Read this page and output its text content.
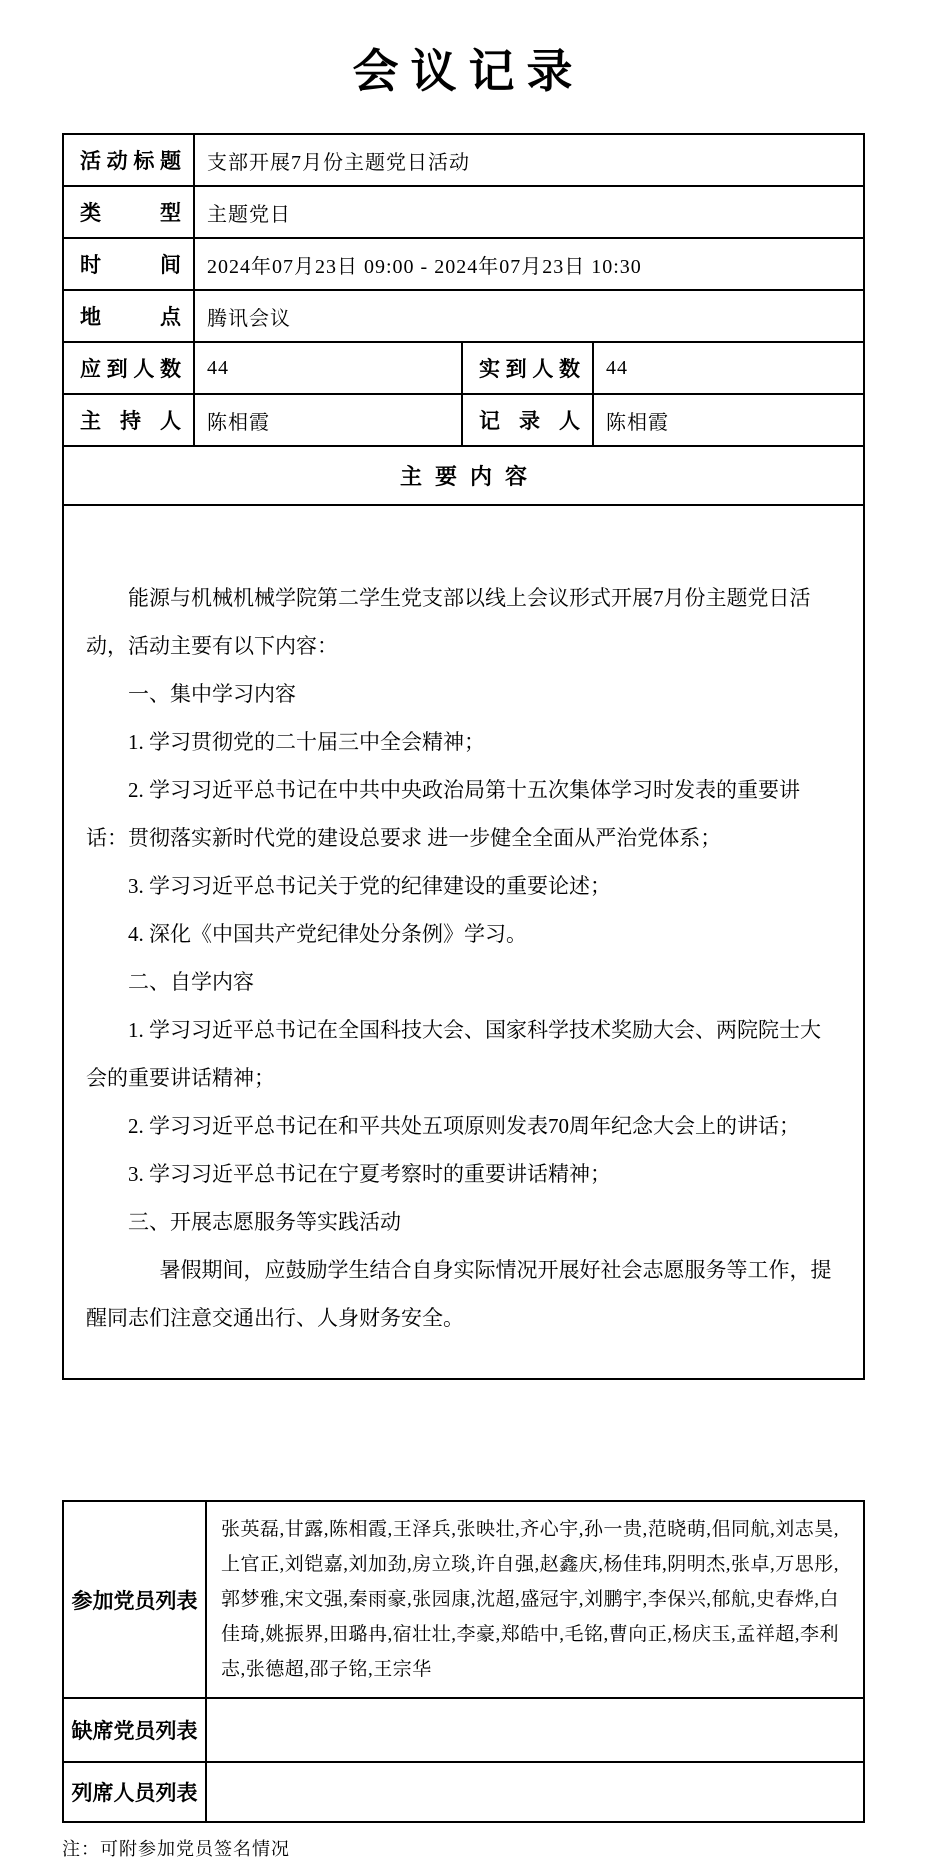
会议记录
活动标题	支部开展7月份主题党日活动		
类型	主题党日		
时间	2024年07月23日 09:00 - 2024年07月23日 10:30		
地点	腾讯会议		
应到人数	44	实到人数	44
主持人	陈相霞	记录人	陈相霞
主要内容			

能源与机械机械学院第二学生党支部以线上会议形式开展7月份主题党日活动，活动主要有以下内容：

一、集中学习内容

1. 学习贯彻党的二十届三中全会精神；

2. 学习习近平总书记在中共中央政治局第十五次集体学习时发表的重要讲话：贯彻落实新时代党的建设总要求 进一步健全全面从严治党体系；

3. 学习习近平总书记关于党的纪律建设的重要论述；

4. 深化《中国共产党纪律处分条例》学习。

二、自学内容

1. 学习习近平总书记在全国科技大会、国家科学技术奖励大会、两院院士大会的重要讲话精神；

2. 学习习近平总书记在和平共处五项原则发表70周年纪念大会上的讲话；

3. 学习习近平总书记在宁夏考察时的重要讲话精神；

三、开展志愿服务等实践活动

暑假期间，应鼓励学生结合自身实际情况开展好社会志愿服务等工作，提醒同志们注意交通出行、人身财务安全。

参加党员列表	张英磊,甘露,陈相霞,王泽兵,张映壮,齐心宇,孙一贵,范晓萌,佀同航,刘志昊,上官正,刘铠嘉,刘加劲,房立琰,许自强,赵鑫庆,杨佳玮,阴明杰,张卓,万思彤,郭梦雅,宋文强,秦雨豪,张园康,沈超,盛冠宇,刘鹏宇,李保兴,郁航,史春烨,白佳琦,姚振界,田璐冉,宿壮壮,李豪,郑皓中,毛铭,曹向正,杨庆玉,孟祥超,李利志,张德超,邵子铭,王宗华
缺席党员列表	
列席人员列表	
注：可附参加党员签名情况
